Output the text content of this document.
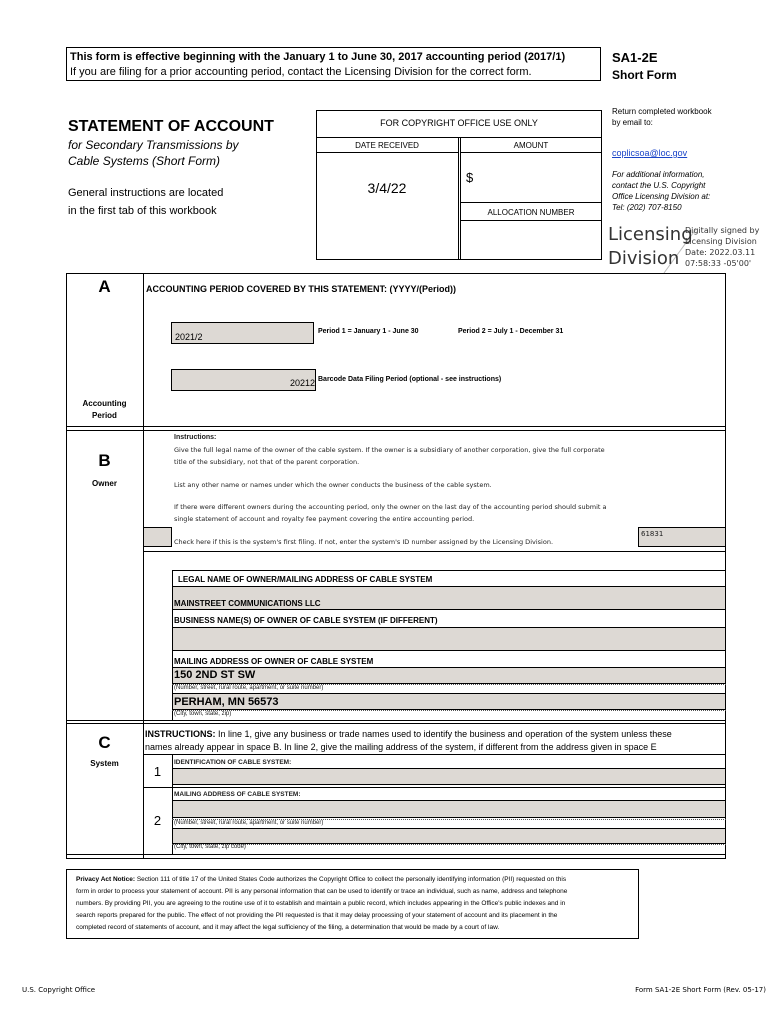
This form is effective beginning with the January 1 to June 30, 2017 accounting period (2017/1)
If you are filing for a prior accounting period, contact the Licensing Division for the correct form.
SA1-2E
Short Form
STATEMENT OF ACCOUNT
for Secondary Transmissions by
Cable Systems (Short Form)
General instructions are located
in the first tab of this workbook
FOR COPYRIGHT OFFICE USE ONLY
DATE RECEIVED	AMOUNT
3/4/22
$
ALLOCATION NUMBER
Return completed workbook
by email to:
coplicsoa@loc.gov
For additional information,
contact the U.S. Copyright
Office Licensing Division at:
Tel: (202) 707-8150
Licensing
Division
Digitally signed by
Licensing Division
Date: 2022.03.11
07:58:33 -05'00'
A	ACCOUNTING PERIOD COVERED BY THIS STATEMENT: (YYYY/(Period))
2021/2
Period 1 = January 1 - June 30	Period 2 = July 1 - December 31
20212 Barcode Data Filing Period (optional - see instructions)
Accounting
Period
B
Owner
Instructions:
Give the full legal name of the owner of the cable system. If the owner is a subsidiary of another corporation, give the full corporate
title of the subsidiary, not that of the parent corporation.
List any other name or names under which the owner conducts the business of the cable system.
If there were different owners during the accounting period, only the owner on the last day of the accounting period should submit a
single statement of account and royalty fee payment covering the entire accounting period.
Check here if this is the system's first filing. If not, enter the system's ID number assigned by the Licensing Division.
61831
LEGAL NAME OF OWNER/MAILING ADDRESS OF CABLE SYSTEM
MAINSTREET COMMUNICATIONS LLC
BUSINESS NAME(S) OF OWNER OF CABLE SYSTEM (IF DIFFERENT)
MAILING ADDRESS OF OWNER OF CABLE SYSTEM
150 2ND ST SW
(Number, street, rural route, apartment, or suite number)
PERHAM, MN 56573
(City, town, state, zip)
C
System
INSTRUCTIONS: In line 1, give any business or trade names used to identify the business and operation of the system unless these
names already appear in space B. In line 2, give the mailing address of the system, if different from the address given in space E
1
IDENTIFICATION OF CABLE SYSTEM:
2
MAILING ADDRESS OF CABLE SYSTEM:
(Number, street, rural route, apartment, or suite number)
(City, town, state, zip code)
Privacy Act Notice: Section 111 of title 17 of the United States Code authorizes the Copyright Office to collect the personally identifying information (PII) requested on this
form in order to process your statement of account. PII is any personal information that can be used to identify or trace an individual, such as name, address and telephone
numbers. By providing PII, you are agreeing to the routine use of it to establish and maintain a public record, which includes appearing in the Office's public indexes and in
search reports prepared for the public. The effect of not providing the PII requested is that it may delay processing of your statement of account and its placement in the
completed record of statements of account, and it may affect the legal sufficiency of the filing, a determination that would be made by a court of law.
U.S. Copyright Office	Form SA1-2E Short Form (Rev. 05-17)
